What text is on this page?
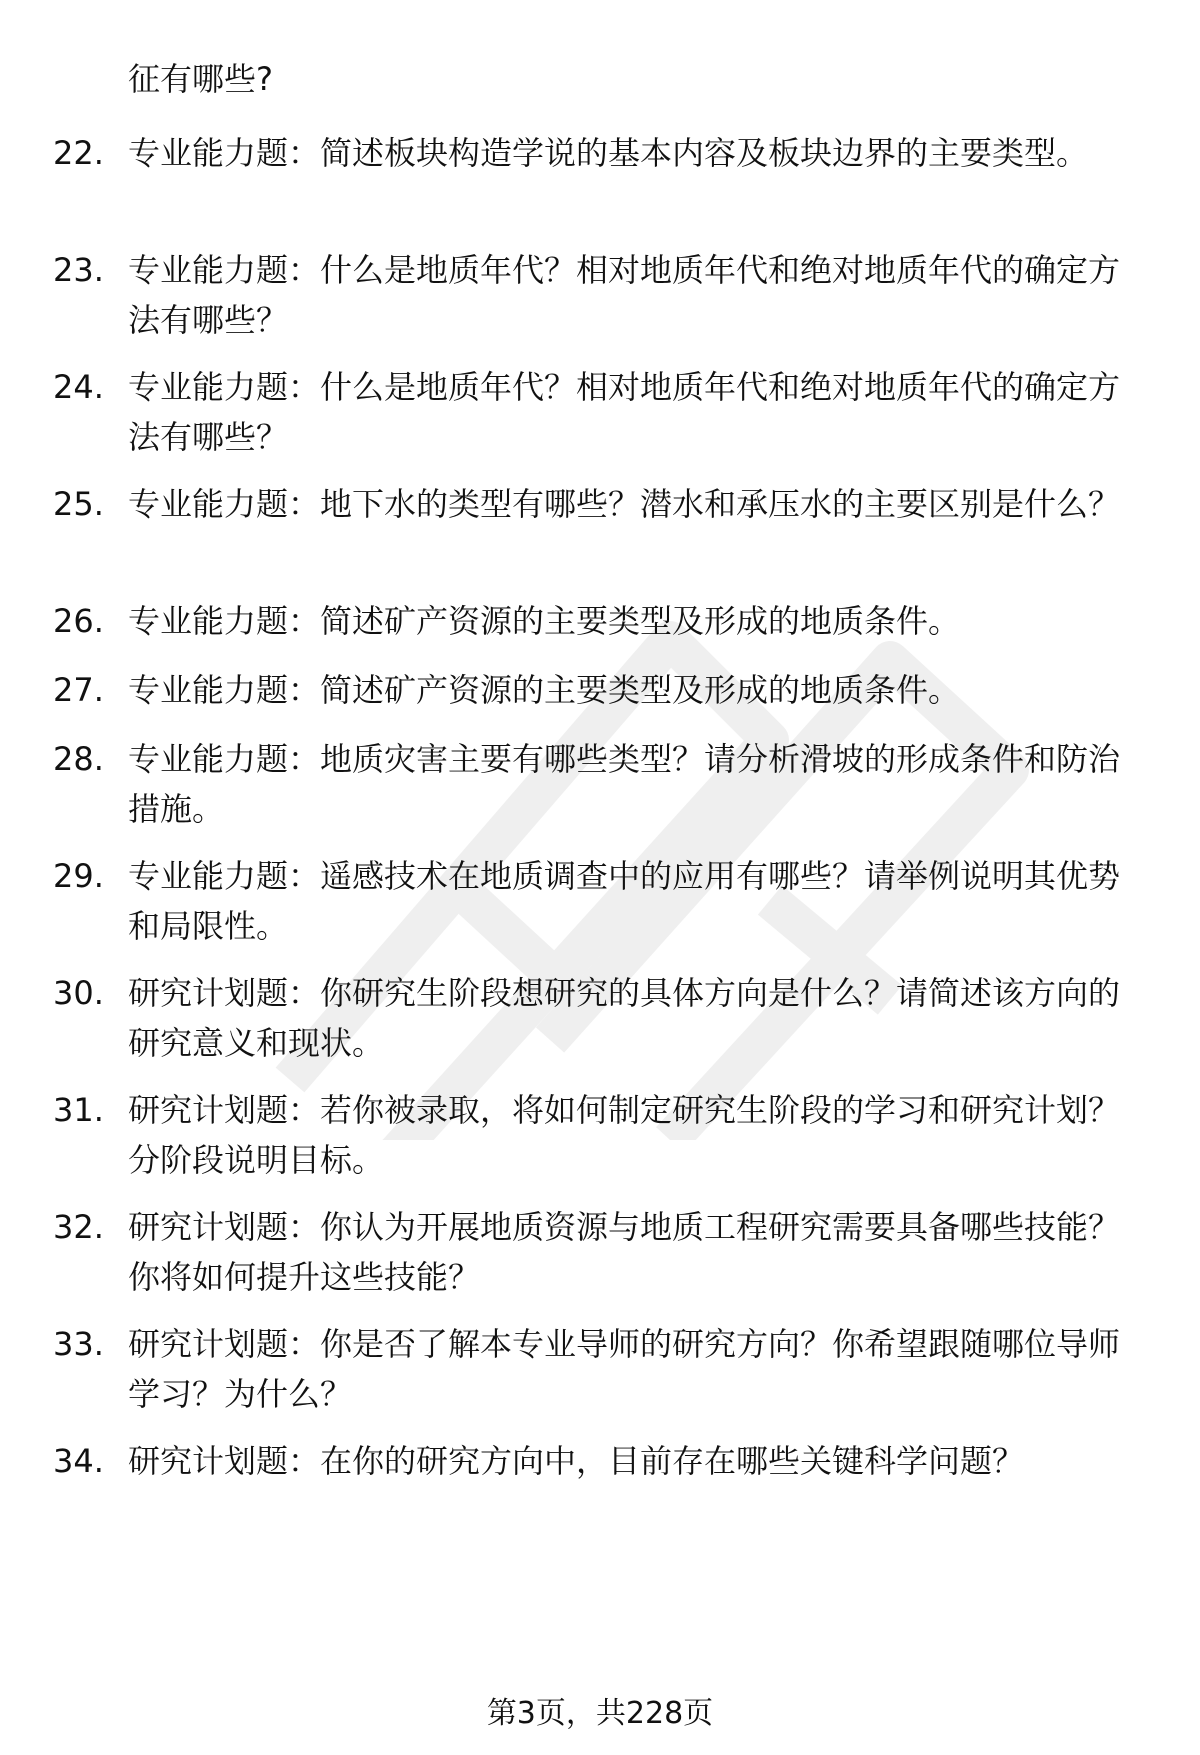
征有哪些?
22. 专业能力题：简述板块构造学说的基本内容及板块边界的主要类型。
23. 专业能力题：什么是地质年代？相对地质年代和绝对地质年代的确定方法有哪些？
24. 专业能力题：什么是地质年代？相对地质年代和绝对地质年代的确定方法有哪些？
25. 专业能力题：地下水的类型有哪些？潜水和承压水的主要区别是什么？
26. 专业能力题：简述矿产资源的主要类型及形成的地质条件。
27. 专业能力题：简述矿产资源的主要类型及形成的地质条件。
28. 专业能力题：地质灾害主要有哪些类型？请分析滑坡的形成条件和防治措施。
29. 专业能力题：遥感技术在地质调查中的应用有哪些？请举例说明其优势和局限性。
30. 研究计划题：你研究生阶段想研究的具体方向是什么？请简述该方向的研究意义和现状。
31. 研究计划题：若你被录取，将如何制定研究生阶段的学习和研究计划？分阶段说明目标。
32. 研究计划题：你认为开展地质资源与地质工程研究需要具备哪些技能？你将如何提升这些技能？
33. 研究计划题：你是否了解本专业导师的研究方向？你希望跟随哪位导师学习？为什么？
34. 研究计划题：在你的研究方向中，目前存在哪些关键科学问题？
第3页，共228页
